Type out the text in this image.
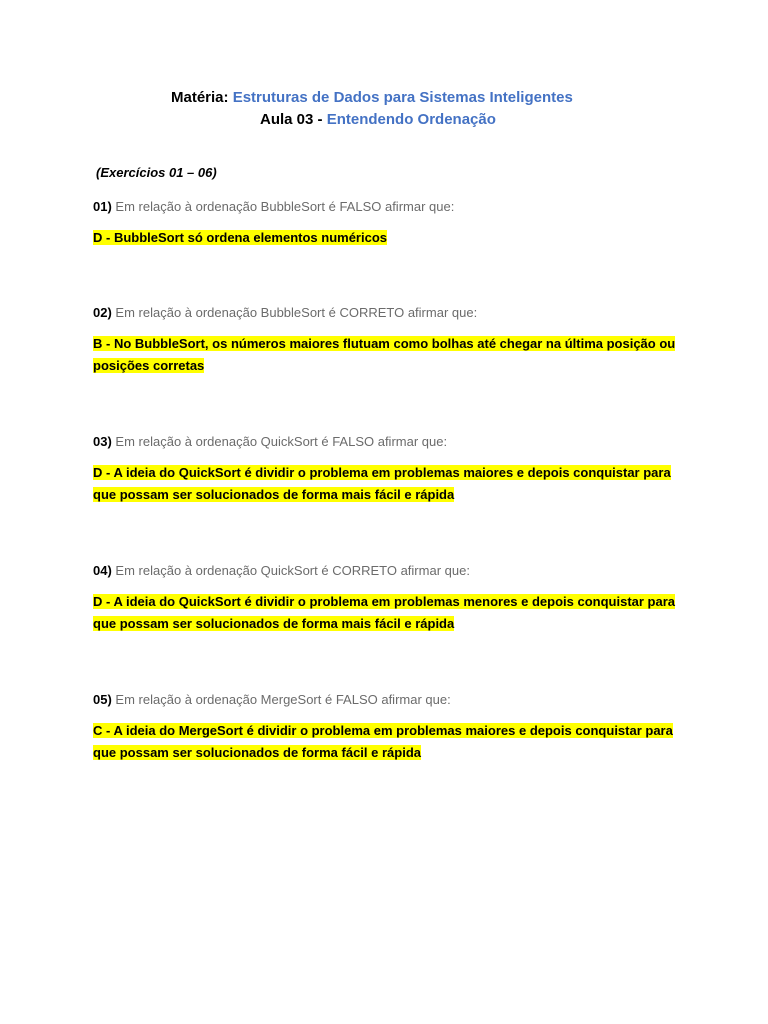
Matéria: Estruturas de Dados para Sistemas Inteligentes
Aula 03 - Entendendo Ordenação
(Exercícios 01 – 06)
01) Em relação à ordenação BubbleSort é FALSO afirmar que:
D - BubbleSort só ordena elementos numéricos
02) Em relação à ordenação BubbleSort é CORRETO afirmar que:
B - No BubbleSort, os números maiores flutuam como bolhas até chegar na última posição ou posições corretas
03) Em relação à ordenação QuickSort é FALSO afirmar que:
D - A ideia do QuickSort é dividir o problema em problemas maiores e depois conquistar para que possam ser solucionados de forma mais fácil e rápida
04) Em relação à ordenação QuickSort é CORRETO afirmar que:
D - A ideia do QuickSort é dividir o problema em problemas menores e depois conquistar para que possam ser solucionados de forma mais fácil e rápida
05) Em relação à ordenação MergeSort é FALSO afirmar que:
C - A ideia do MergeSort é dividir o problema em problemas maiores e depois conquistar para que possam ser solucionados de forma fácil e rápida
